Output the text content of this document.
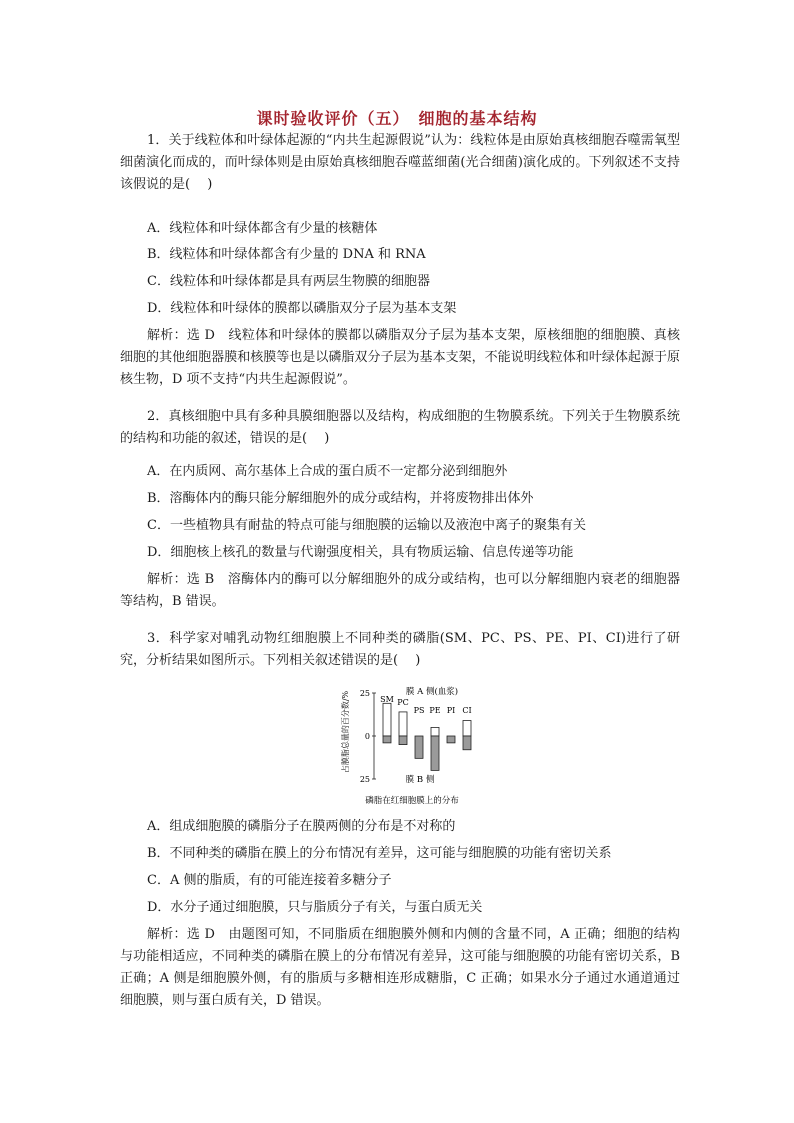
课时验收评价（五）　细胞的基本结构
1．关于线粒体和叶绿体起源的“内共生起源假说”认为：线粒体是由原始真核细胞吞噬需氧型细菌演化而成的，而叶绿体则是由原始真核细胞吞噬蓝细菌(光合细菌)演化成的。下列叙述不支持该假说的是(　 )
A．线粒体和叶绿体都含有少量的核糖体
B．线粒体和叶绿体都含有少量的 DNA 和 RNA
C．线粒体和叶绿体都是具有两层生物膜的细胞器
D．线粒体和叶绿体的膜都以磷脂双分子层为基本支架
解析：选 D　线粒体和叶绿体的膜都以磷脂双分子层为基本支架，原核细胞的细胞膜、真核细胞的其他细胞器膜和核膜等也是以磷脂双分子层为基本支架，不能说明线粒体和叶绿体起源于原核生物，D 项不支持“内共生起源假说”。
2．真核细胞中具有多种具膜细胞器以及结构，构成细胞的生物膜系统。下列关于生物膜系统的结构和功能的叙述，错误的是(　 )
A．在内质网、高尔基体上合成的蛋白质不一定都分泌到细胞外
B．溶酶体内的酶只能分解细胞外的成分或结构，并将废物排出体外
C．一些植物具有耐盐的特点可能与细胞膜的运输以及液泡中离子的聚集有关
D．细胞核上核孔的数量与代谢强度相关，具有物质运输、信息传递等功能
解析：选 B　溶酶体内的酶可以分解细胞外的成分或结构，也可以分解细胞内衰老的细胞器等结构，B 错误。
3．科学家对哺乳动物红细胞膜上不同种类的磷脂(SM、PC、PS、PE、PI、CI)进行了研究，分析结果如图所示。下列相关叙述错误的是(　 )
占膜脂总量的百分数/% 25
0
25
膜 A 侧(血浆)
膜 B 侧
SM PC
PS PE PI CI
磷脂在红细胞膜上的分布
A．组成细胞膜的磷脂分子在膜两侧的分布是不对称的
B．不同种类的磷脂在膜上的分布情况有差异，这可能与细胞膜的功能有密切关系
C．A 侧的脂质，有的可能连接着多糖分子
D．水分子通过细胞膜，只与脂质分子有关，与蛋白质无关
解析：选 D　由题图可知，不同脂质在细胞膜外侧和内侧的含量不同，A 正确；细胞的结构与功能相适应，不同种类的磷脂在膜上的分布情况有差异，这可能与细胞膜的功能有密切关系，B 正确；A 侧是细胞膜外侧，有的脂质与多糖相连形成糖脂，C 正确；如果水分子通过水通道通过细胞膜，则与蛋白质有关，D 错误。
